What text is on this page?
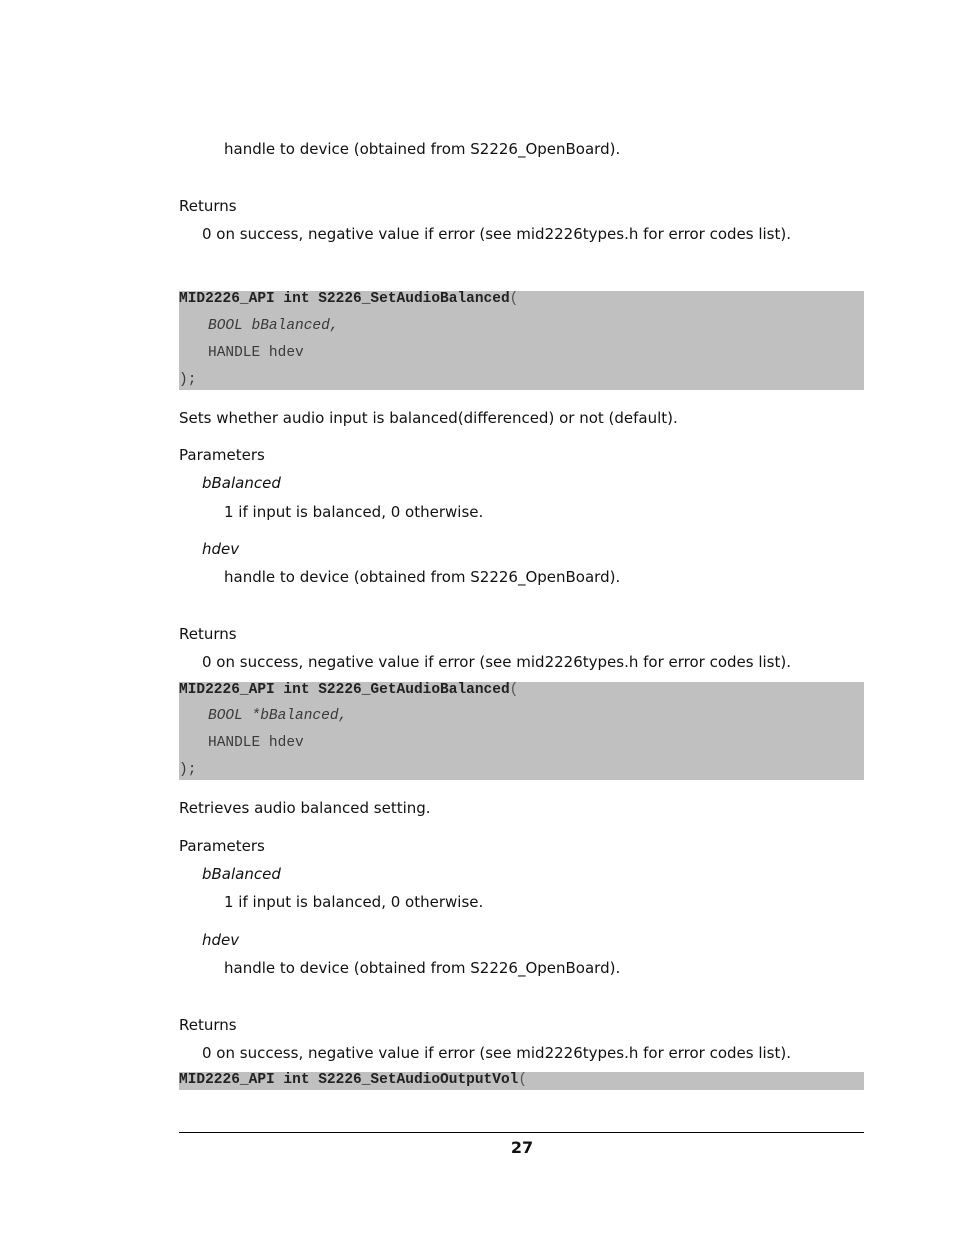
handle to device (obtained from S2226_OpenBoard).
Returns
0 on success, negative value if error (see mid2226types.h for error codes list).
MID2226_API int S2226_SetAudioBalanced(
BOOL bBalanced,
HANDLE hdev
);
Sets whether audio input is balanced(differenced) or not (default).
Parameters
bBalanced
1 if input is balanced, 0 otherwise.
hdev
handle to device (obtained from S2226_OpenBoard).
Returns
0 on success, negative value if error (see mid2226types.h for error codes list).
MID2226_API int S2226_GetAudioBalanced(
BOOL *bBalanced,
HANDLE hdev
);
Retrieves audio balanced setting.
Parameters
bBalanced
1 if input is balanced, 0 otherwise.
hdev
handle to device (obtained from S2226_OpenBoard).
Returns
0 on success, negative value if error (see mid2226types.h for error codes list).
MID2226_API int S2226_SetAudioOutputVol(
27
